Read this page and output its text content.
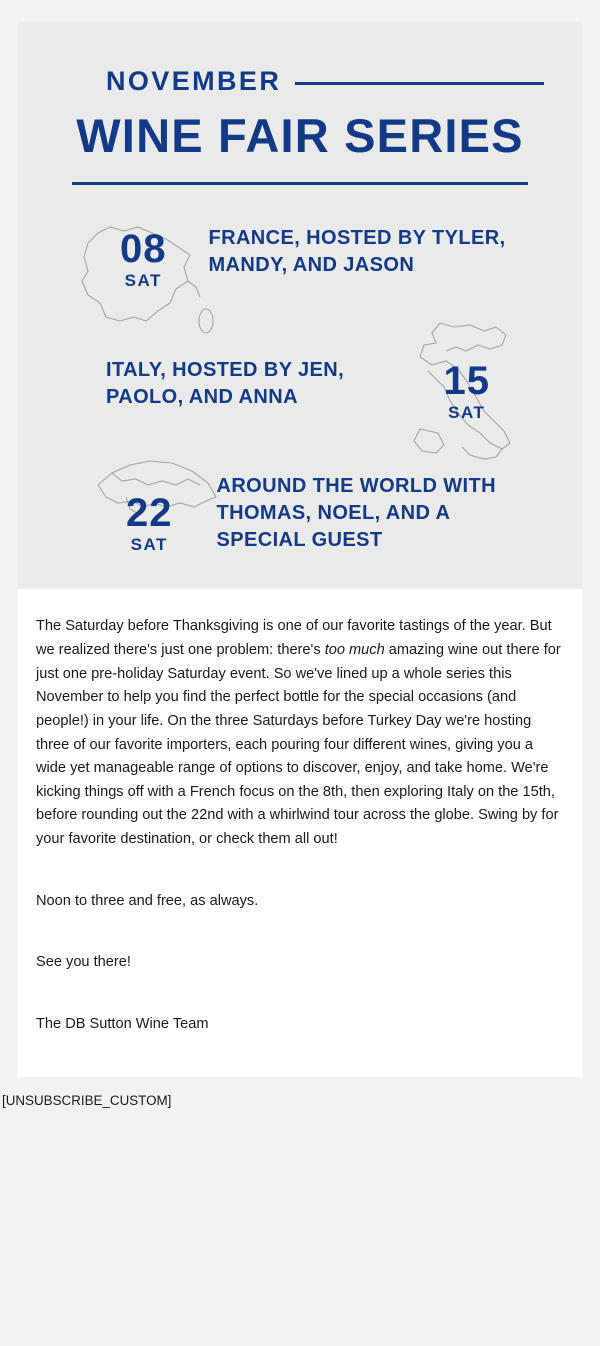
NOVEMBER
WINE FAIR SERIES
08
SAT
FRANCE, HOSTED BY TYLER, MANDY, AND JASON
ITALY, HOSTED BY JEN, PAOLO, AND ANNA	15
SAT
22
SAT
AROUND THE WORLD WITH THOMAS, NOEL, AND A SPECIAL GUEST

The Saturday before Thanksgiving is one of our favorite tastings of the year. But we realized there's just one problem: there's too much amazing wine out there for just one pre-holiday Saturday event. So we've lined up a whole series this November to help you find the perfect bottle for the special occasions (and people!) in your life. On the three Saturdays before Turkey Day we're hosting three of our favorite importers, each pouring four different wines, giving you a wide yet manageable range of options to discover, enjoy, and take home. We're kicking things off with a French focus on the 8th, then exploring Italy on the 15th, before rounding out the 22nd with a whirlwind tour across the globe. Swing by for your favorite destination, or check them all out!

Noon to three and free, as always.

See you there!

The DB Sutton Wine Team

[UNSUBSCRIBE_CUSTOM]
